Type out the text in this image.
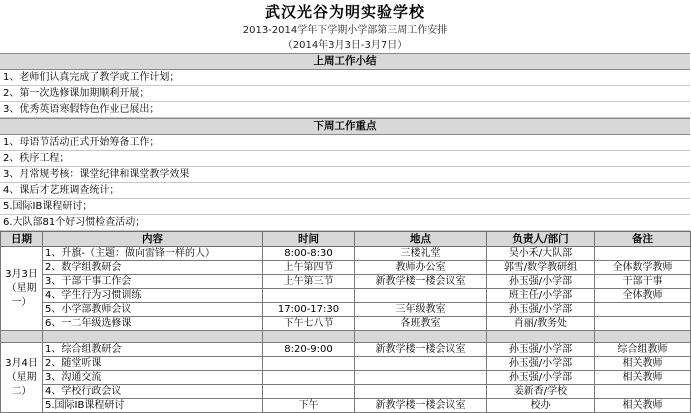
武汉光谷为明实验学校
2013-2014学年下学期小学部第三周工作安排
（2014年3月3日-3月7日）
上周工作小结
1、老师们认真完成了教学或工作计划；
2、第一次选修课加期顺利开展；
3、优秀英语寒假特色作业已展出；
下周工作重点
1、母语节活动正式开始筹备工作；
2、秩序工程；
3、月常规考核：课堂纪律和课堂教学效果
4、课后才艺班调查统计；
5.国际IB课程研讨；
6.大队部81个好习惯检查活动；
日期	内容	时间	地点	负责人/部门	备注
3月3日（星期一）	1、升旗-（主题：做向雷锋一样的人）	8:00-8:30	三楼礼堂	吴小禾/大队部	
	2、数学组教研会	上午第四节	教师办公室	郭雪/数学教研组	全体数学教师
	3、干部干事工作会	上午第三节	新教学楼一楼会议室	孙玉强/小学部	干部干事
	4、学生行为习惯训练			班主任/小学部	全体教师
	5、小学部教师会议	17:00-17:30	三年级教室	孙玉强/小学部	
	6、一二年级选修课	下午七八节	各班教室	肖丽/教务处	

3月4日（星期二）	1、综合组教研会	8:20-9:00	新教学楼一楼会议室	孙玉强/小学部	综合组教师
	2、随堂听课			孙玉强/小学部	相关教师
	3、沟通交流			孙玉强/小学部	相关教师
	4、学校行政会议			姜新香/学校	
	5.国际IB课程研讨	下午	新教学楼一楼会议室	校办	相关教师
